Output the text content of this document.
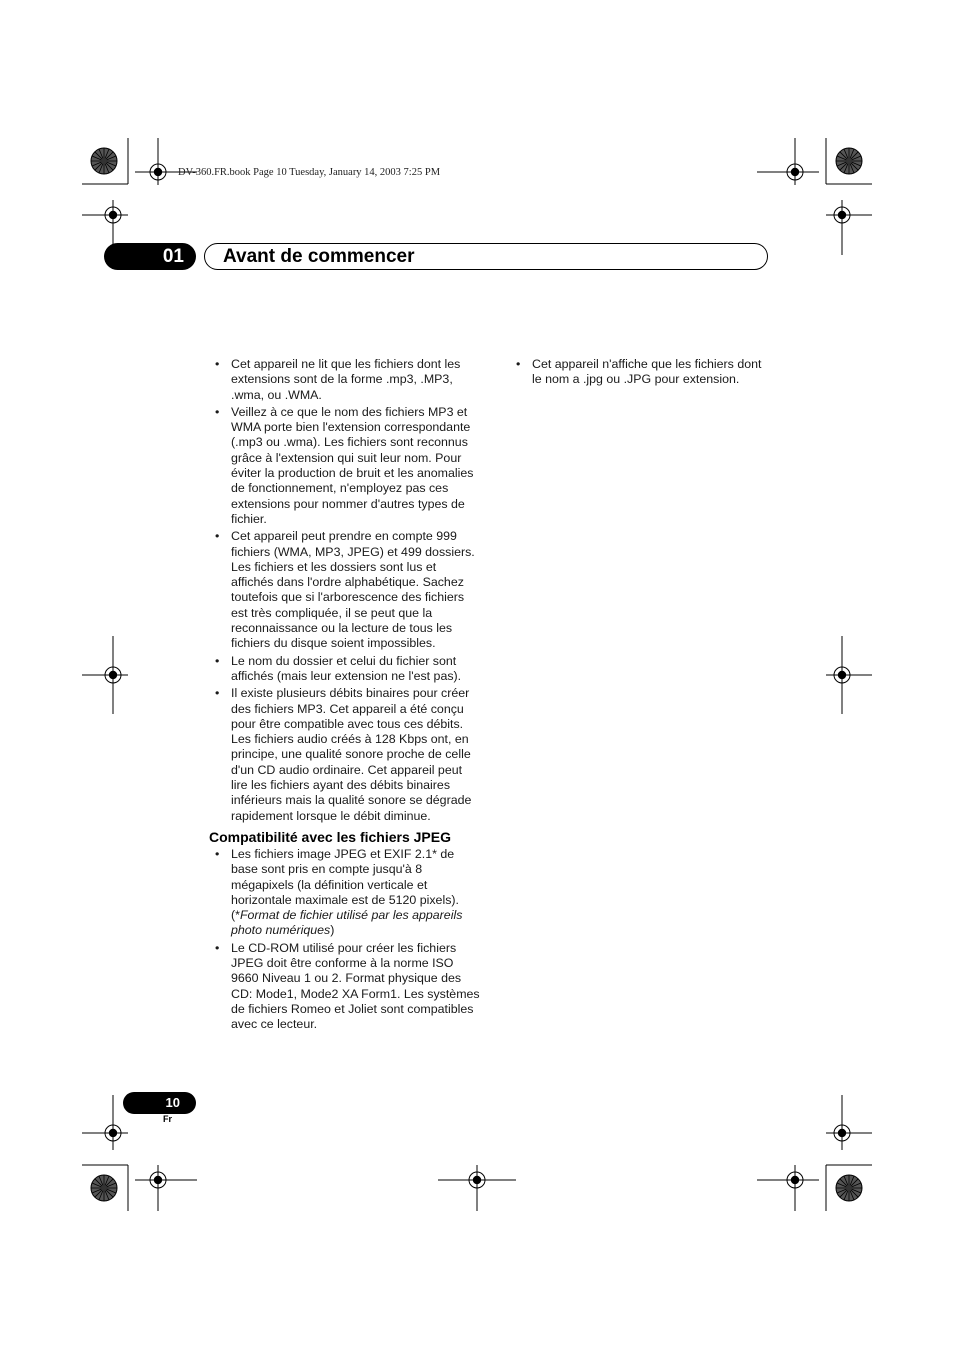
DV-360.FR.book Page 10 Tuesday, January 14, 2003 7:25 PM
01	Avant de commencer
• Cet appareil ne lit que les fichiers dont les extensions sont de la forme .mp3, .MP3, .wma, ou .WMA.
• Veillez à ce que le nom des fichiers MP3 et WMA porte bien l'extension correspondante (.mp3 ou .wma). Les fichiers sont reconnus grâce à l'extension qui suit leur nom. Pour éviter la production de bruit et les anomalies de fonctionnement, n'employez pas ces extensions pour nommer d'autres types de fichier.
• Cet appareil peut prendre en compte 999 fichiers (WMA, MP3, JPEG) et 499 dossiers. Les fichiers et les dossiers sont lus et affichés dans l'ordre alphabétique. Sachez toutefois que si l'arborescence des fichiers est très compliquée, il se peut que la reconnaissance ou la lecture de tous les fichiers du disque soient impossibles.
• Le nom du dossier et celui du fichier sont affichés (mais leur extension ne l'est pas).
• Il existe plusieurs débits binaires pour créer des fichiers MP3. Cet appareil a été conçu pour être compatible avec tous ces débits. Les fichiers audio créés à 128 Kbps ont, en principe, une qualité sonore proche de celle d'un CD audio ordinaire. Cet appareil peut lire les fichiers ayant des débits binaires inférieurs mais la qualité sonore se dégrade rapidement lorsque le débit diminue.
Compatibilité avec les fichiers JPEG
• Les fichiers image JPEG et EXIF 2.1* de base sont pris en compte jusqu'à 8 mégapixels (la définition verticale et horizontale maximale est de 5120 pixels). (*Format de fichier utilisé par les appareils photo numériques)
• Le CD-ROM utilisé pour créer les fichiers JPEG doit être conforme à la norme ISO 9660 Niveau 1 ou 2. Format physique des CD: Mode1, Mode2 XA Form1. Les systèmes de fichiers Romeo et Joliet sont compatibles avec ce lecteur.
• Cet appareil n'affiche que les fichiers dont le nom a .jpg ou .JPG pour extension.
10
Fr
